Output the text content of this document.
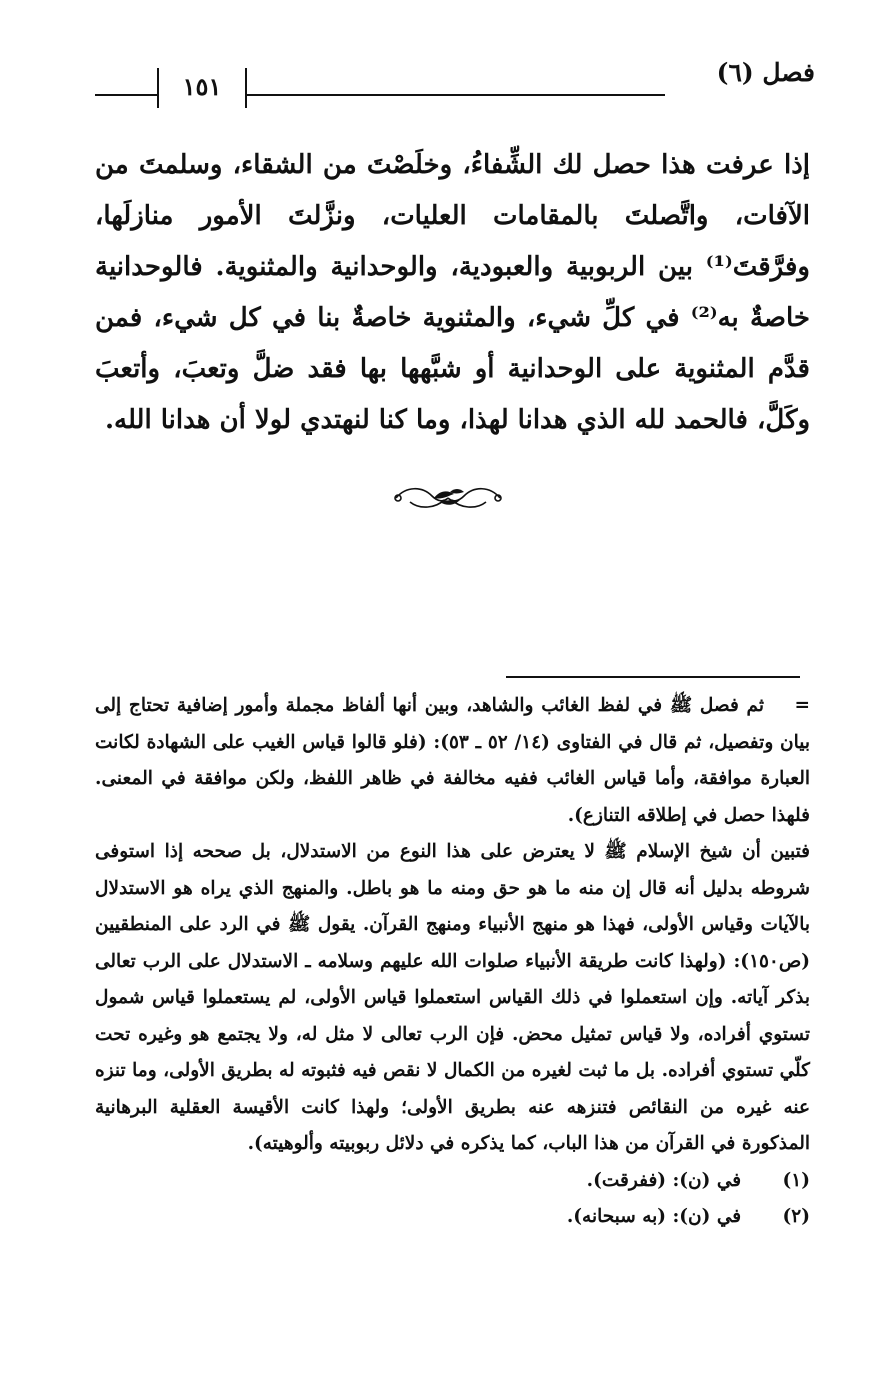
فصل (٦)
١٥١

إذا عرفت هذا حصل لك الشِّفاءُ، وخلَصْتَ من الشقاء، وسلمتَ من الآفات، واتَّصلتَ بالمقامات العليات، ونزَّلتَ الأمور منازلَها، وفرَّقتَ⁽¹⁾ بين الربوبية والعبودية، والوحدانية والمثنوية. فالوحدانية خاصةٌ به⁽²⁾ في كلِّ شيء، والمثنوية خاصةٌ بنا في كل شيء، فمن قدَّم المثنوية على الوحدانية أو شبَّهها بها فقد ضلَّ وتعبَ، وأتعبَ وكَلَّ، فالحمد لله الذي هدانا لهذا، وما كنا لنهتدي لولا أن هدانا الله.

=ثم فصل ﷺ في لفظ الغائب والشاهد، وبين أنها ألفاظ مجملة وأمور إضافية تحتاج إلى بيان وتفصيل، ثم قال في الفتاوى (١٤/ ٥٢ ـ ٥٣): (فلو قالوا قياس الغيب على الشهادة لكانت العبارة موافقة، وأما قياس الغائب ففيه مخالفة في ظاهر اللفظ، ولكن موافقة في المعنى. فلهذا حصل في إطلاقه التنازع).

فتبين أن شيخ الإسلام ﷺ لا يعترض على هذا النوع من الاستدلال، بل صححه إذا استوفى شروطه بدليل أنه قال إن منه ما هو حق ومنه ما هو باطل. والمنهج الذي يراه هو الاستدلال بالآيات وقياس الأولى، فهذا هو منهج الأنبياء ومنهج القرآن. يقول ﷺ في الرد على المنطقيين (ص١٥٠): (ولهذا كانت طريقة الأنبياء صلوات الله عليهم وسلامه ـ الاستدلال على الرب تعالى بذكر آياته. وإن استعملوا في ذلك القياس استعملوا قياس الأولى، لم يستعملوا قياس شمول تستوي أفراده، ولا قياس تمثيل محض. فإن الرب تعالى لا مثل له، ولا يجتمع هو وغيره تحت كلّي تستوي أفراده. بل ما ثبت لغيره من الكمال لا نقص فيه فثبوته له بطريق الأولى، وما تنزه عنه غيره من النقائص فتنزهه عنه بطريق الأولى؛ ولهذا كانت الأقيسة العقلية البرهانية المذكورة في القرآن من هذا الباب، كما يذكره في دلائل ربوبيته وألوهيته).

(١)  في (ن): (ففرقت).

(٢)  في (ن): (به سبحانه).
